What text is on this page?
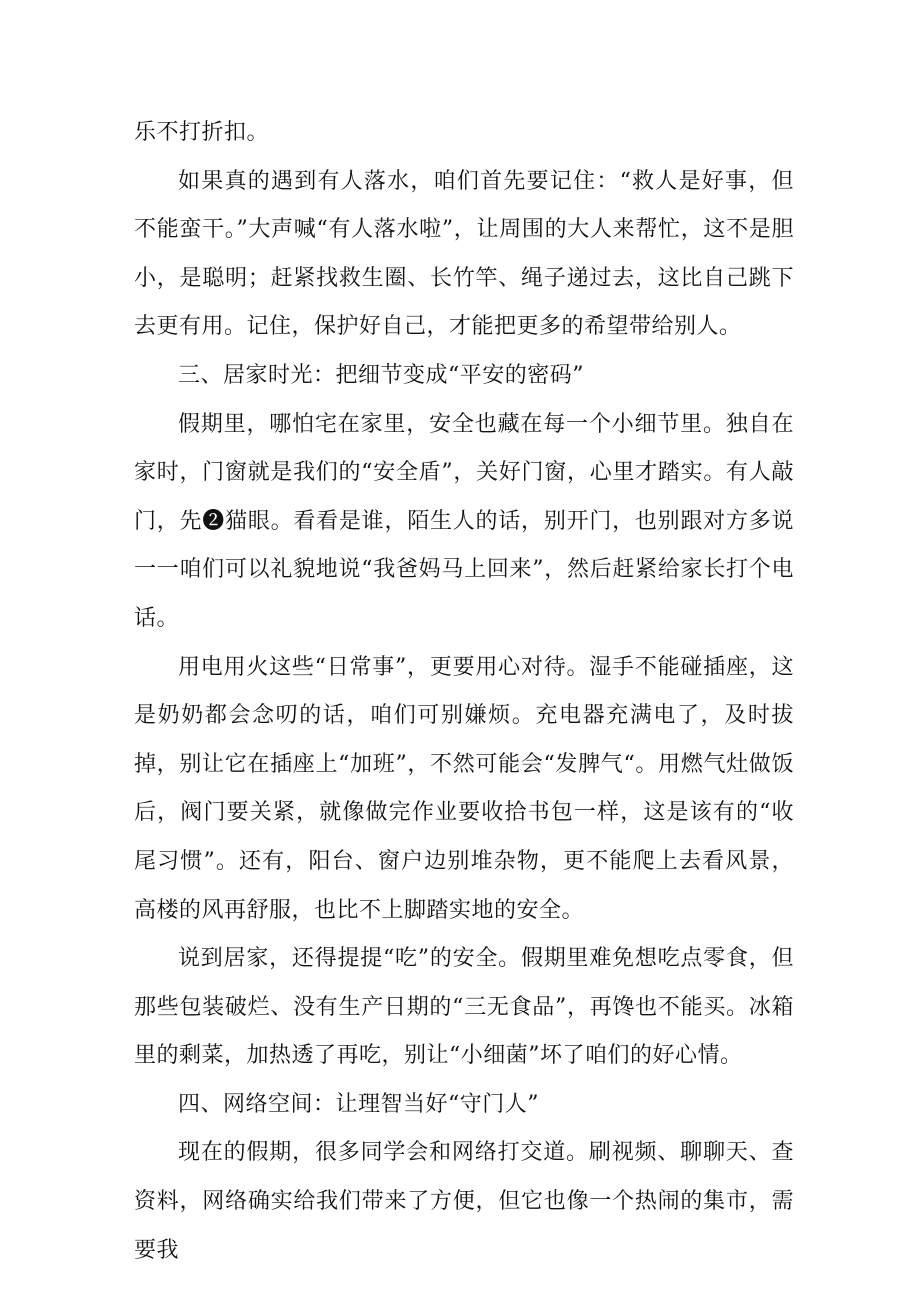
乐不打折扣。

如果真的遇到有人落水，咱们首先要记住：“救人是好事，但不能蛮干。”大声喊“有人落水啦”，让周围的大人来帮忙，这不是胆小，是聪明；赶紧找救生圈、长竹竿、绳子递过去，这比自己跳下去更有用。记住，保护好自己，才能把更多的希望带给别人。

三、居家时光：把细节变成“平安的密码”

假期里，哪怕宅在家里，安全也藏在每一个小细节里。独自在家时，门窗就是我们的“安全盾”，关好门窗，心里才踏实。有人敲门，先❷猫眼。看看是谁，陌生人的话，别开门，也别跟对方多说一一咱们可以礼貌地说“我爸妈马上回来”，然后赶紧给家长打个电话。

用电用火这些“日常事”，更要用心对待。湿手不能碰插座，这是奶奶都会念叨的话，咱们可别嫌烦。充电器充满电了，及时拔掉，别让它在插座上“加班”，不然可能会“发脾气“。用燃气灶做饭后，阀门要关紧，就像做完作业要收拾书包一样，这是该有的“收尾习惯”。还有，阳台、窗户边别堆杂物，更不能爬上去看风景，高楼的风再舒服，也比不上脚踏实地的安全。

说到居家，还得提提“吃”的安全。假期里难免想吃点零食，但那些包装破烂、没有生产日期的“三无食品”，再馋也不能买。冰箱里的剩菜，加热透了再吃，别让“小细菌”坏了咱们的好心情。

四、网络空间：让理智当好“守门人”

现在的假期，很多同学会和网络打交道。刷视频、聊聊天、查资料，网络确实给我们带来了方便，但它也像一个热闹的集市，需要我
